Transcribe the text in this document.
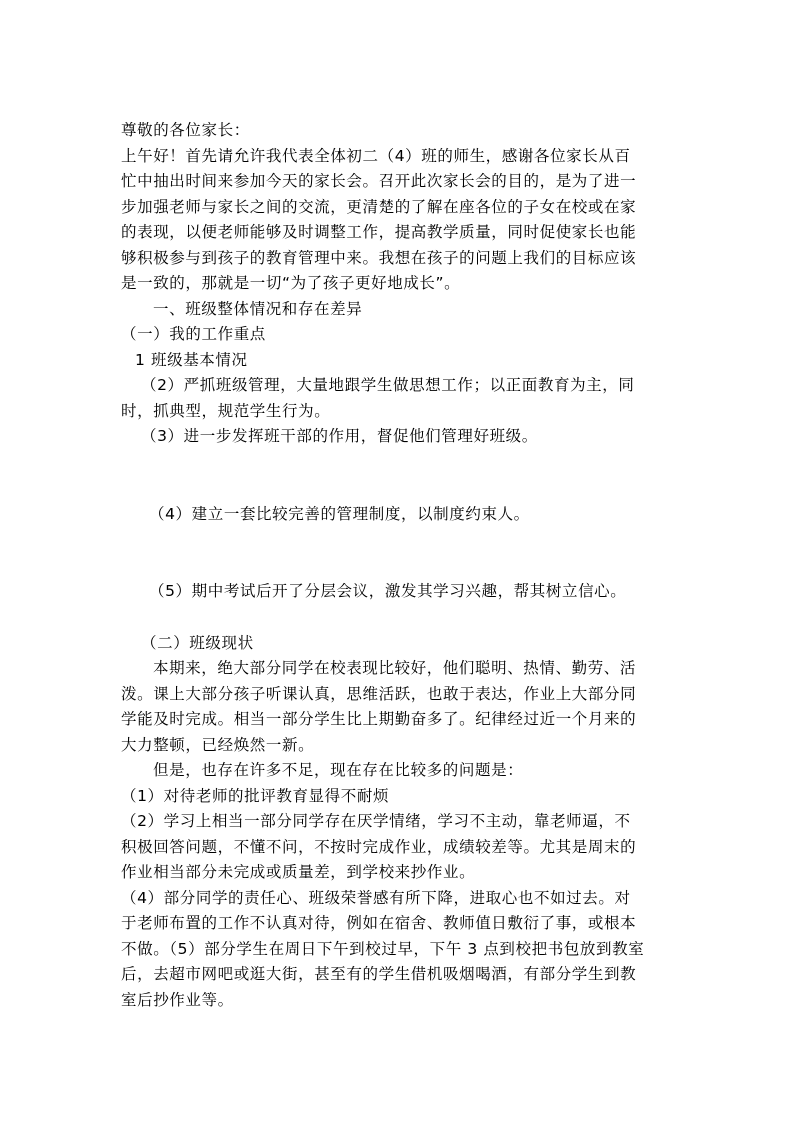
尊敬的各位家长：
上午好！首先请允许我代表全体初二（4）班的师生，感谢各位家长从百
忙中抽出时间来参加今天的家长会。召开此次家长会的目的，是为了进一
步加强老师与家长之间的交流，更清楚的了解在座各位的子女在校或在家
的表现，以便老师能够及时调整工作，提高教学质量，同时促使家长也能
够积极参与到孩子的教育管理中来。我想在孩子的问题上我们的目标应该
是一致的，那就是一切“为了孩子更好地成长”。
一、班级整体情况和存在差异
（一）我的工作重点
1 班级基本情况
（2）严抓班级管理，大量地跟学生做思想工作；以正面教育为主，同
时，抓典型，规范学生行为。
（3）进一步发挥班干部的作用，督促他们管理好班级。
（4）建立一套比较完善的管理制度，以制度约束人。
（5）期中考试后开了分层会议，激发其学习兴趣，帮其树立信心。
（二）班级现状
本期来，绝大部分同学在校表现比较好，他们聪明、热情、勤劳、活
泼。课上大部分孩子听课认真，思维活跃，也敢于表达，作业上大部分同
学能及时完成。相当一部分学生比上期勤奋多了。纪律经过近一个月来的
大力整顿，已经焕然一新。
但是，也存在许多不足，现在存在比较多的问题是：
（1）对待老师的批评教育显得不耐烦
（2）学习上相当一部分同学存在厌学情绪，学习不主动，靠老师逼，不
积极回答问题，不懂不问，不按时完成作业，成绩较差等。尤其是周末的
作业相当部分未完成或质量差，到学校来抄作业。
（4）部分同学的责任心、班级荣誉感有所下降，进取心也不如过去。对
于老师布置的工作不认真对待，例如在宿舍、教师值日敷衍了事，或根本
不做。（5）部分学生在周日下午到校过早，下午 3 点到校把书包放到教室
后，去超市网吧或逛大街，甚至有的学生借机吸烟喝酒，有部分学生到教
室后抄作业等。
